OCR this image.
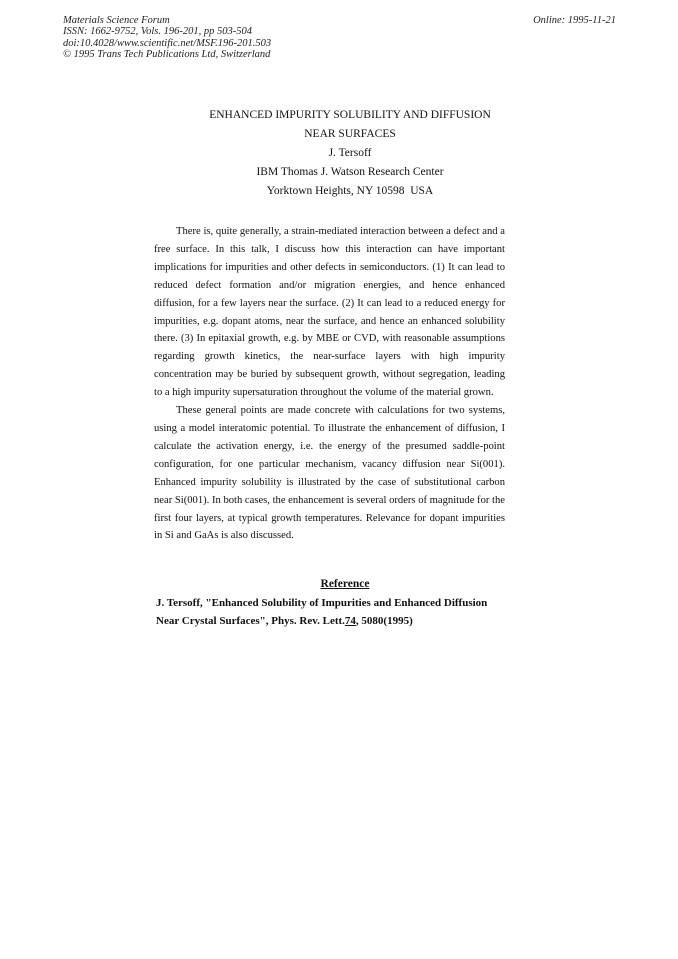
Materials Science Forum
ISSN: 1662-9752, Vols. 196-201, pp 503-504
doi:10.4028/www.scientific.net/MSF.196-201.503
© 1995 Trans Tech Publications Ltd, Switzerland
Online: 1995-11-21
ENHANCED IMPURITY SOLUBILITY AND DIFFUSION
NEAR SURFACES
J. Tersoff
IBM Thomas J. Watson Research Center
Yorktown Heights, NY 10598  USA

There is, quite generally, a strain-mediated interaction between a defect and a free surface. In this talk, I discuss how this interaction can have important implications for impurities and other defects in semiconductors. (1) It can lead to reduced defect formation and/or migration energies, and hence enhanced diffusion, for a few layers near the surface. (2) It can lead to a reduced energy for impurities, e.g. dopant atoms, near the surface, and hence an enhanced solubility there. (3) In epitaxial growth, e.g. by MBE or CVD, with reasonable assumptions regarding growth kinetics, the near-surface layers with high impurity concentration may be buried by subsequent growth, without segregation, leading to a high impurity supersaturation throughout the volume of the material grown.

These general points are made concrete with calculations for two systems, using a model interatomic potential. To illustrate the enhancement of diffusion, I calculate the activation energy, i.e. the energy of the presumed saddle-point configuration, for one particular mechanism, vacancy diffusion near Si(001). Enhanced impurity solubility is illustrated by the case of substitutional carbon near Si(001). In both cases, the enhancement is several orders of magnitude for the first four layers, at typical growth temperatures. Relevance for dopant impurities in Si and GaAs is also discussed.

Reference
J. Tersoff, "Enhanced Solubility of Impurities and Enhanced Diffusion
Near Crystal Surfaces", Phys. Rev. Lett.74, 5080(1995)
